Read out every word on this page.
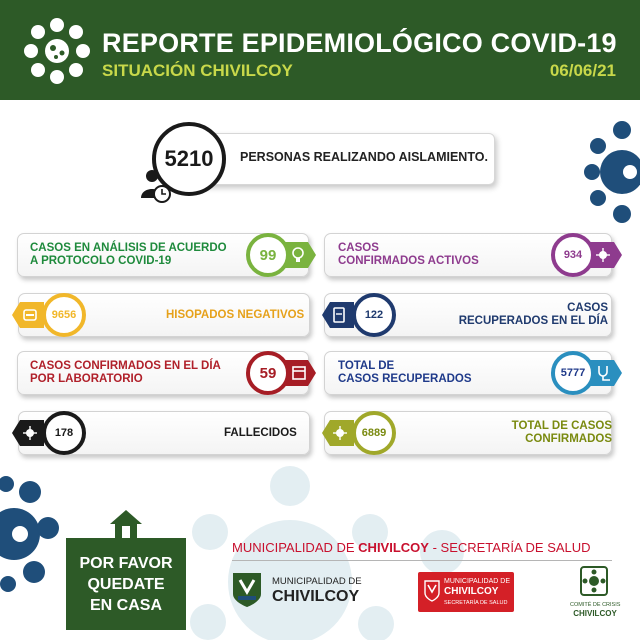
REPORTE EPIDEMIOLÓGICO COVID-19
SITUACIÓN CHIVILCOY	06/06/21
PERSONAS REALIZANDO AISLAMIENTO.
5210
CASOS EN ANÁLISIS DE ACUERDO
A PROTOCOLO COVID-19	99
9656	HISOPADOS NEGATIVOS
CASOS CONFIRMADOS EN EL DÍA
POR LABORATORIO	59
178	FALLECIDOS
CASOS
CONFIRMADOS ACTIVOS	934
122
CASOS
RECUPERADOS EN EL DÍA
TOTAL DE
CASOS RECUPERADOS	5777
6889
TOTAL DE CASOS
CONFIRMADOS
POR FAVOR
QUEDATE
EN CASA
MUNICIPALIDAD DE CHIVILCOY - SECRETARÍA DE SALUD
MUNICIPALIDAD DE
CHIVILCOY
MUNICIPALIDAD DE
CHIVILCOY
SECRETARÍA DE SALUD	COMITÉ DE CRISIS
CHIVILCOY
